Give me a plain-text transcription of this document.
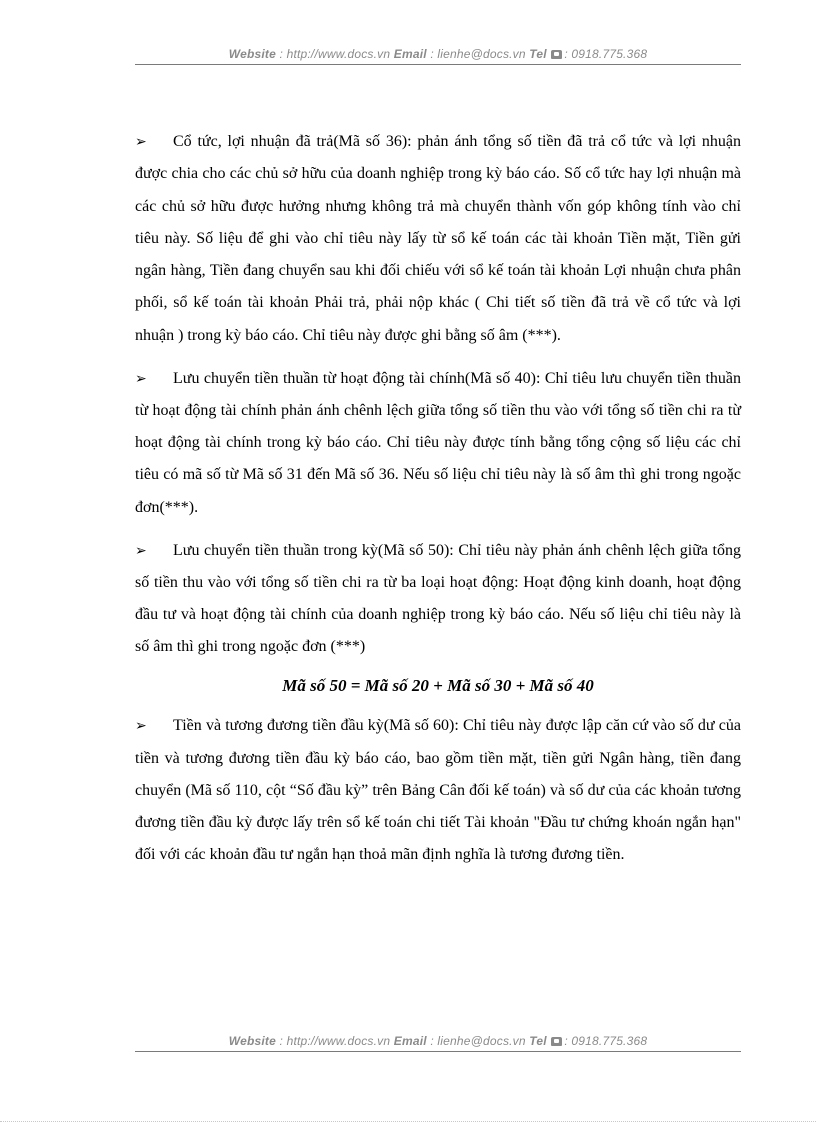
Website : http://www.docs.vn Email : lienhe@docs.vn Tel : 0918.775.368

➢ Cổ tức, lợi nhuận đã trả(Mã số 36): phản ánh tổng số tiền đã trả cổ tức và lợi nhuận được chia cho các chủ sở hữu của doanh nghiệp trong kỳ báo cáo. Số cổ tức hay lợi nhuận mà các chủ sở hữu được hưởng nhưng không trả mà chuyển thành vốn góp không tính vào chỉ tiêu này. Số liệu để ghi vào chỉ tiêu này lấy từ sổ kế toán các tài khoản Tiền mặt, Tiền gửi ngân hàng, Tiền đang chuyển sau khi đối chiếu với sổ kế toán tài khoản Lợi nhuận chưa phân phối, sổ kế toán tài khoản Phải trả, phải nộp khác ( Chi tiết số tiền đã trả về cổ tức và lợi nhuận ) trong kỳ báo cáo. Chỉ tiêu này được ghi bằng số âm (***).

➢ Lưu chuyển tiền thuần từ hoạt động tài chính(Mã số 40): Chỉ tiêu lưu chuyển tiền thuần từ hoạt động tài chính phản ánh chênh lệch giữa tổng số tiền thu vào với tổng số tiền chi ra từ hoạt động tài chính trong kỳ báo cáo. Chỉ tiêu này được tính bằng tổng cộng số liệu các chỉ tiêu có mã số từ Mã số 31 đến Mã số 36. Nếu số liệu chỉ tiêu này là số âm thì ghi trong ngoặc đơn(***).

➢ Lưu chuyển tiền thuần trong kỳ(Mã số 50): Chỉ tiêu này phản ánh chênh lệch giữa tổng số tiền thu vào với tổng số tiền chi ra từ ba loại hoạt động: Hoạt động kinh doanh, hoạt động đầu tư và hoạt động tài chính của doanh nghiệp trong kỳ báo cáo. Nếu số liệu chỉ tiêu này là số âm thì ghi trong ngoặc đơn (***)

Mã số 50 = Mã số 20 + Mã số 30 + Mã số 40

➢ Tiền và tương đương tiền đầu kỳ(Mã số 60): Chỉ tiêu này được lập căn cứ vào số dư của tiền và tương đương tiền đầu kỳ báo cáo, bao gồm tiền mặt, tiền gửi Ngân hàng, tiền đang chuyển (Mã số 110, cột “Số đầu kỳ” trên Bảng Cân đối kế toán) và số dư của các khoản tương đương tiền đầu kỳ được lấy trên sổ kế toán chi tiết Tài khoản "Đầu tư chứng khoán ngắn hạn" đối với các khoản đầu tư ngắn hạn thoả mãn định nghĩa là tương đương tiền.

Website : http://www.docs.vn Email : lienhe@docs.vn Tel : 0918.775.368
